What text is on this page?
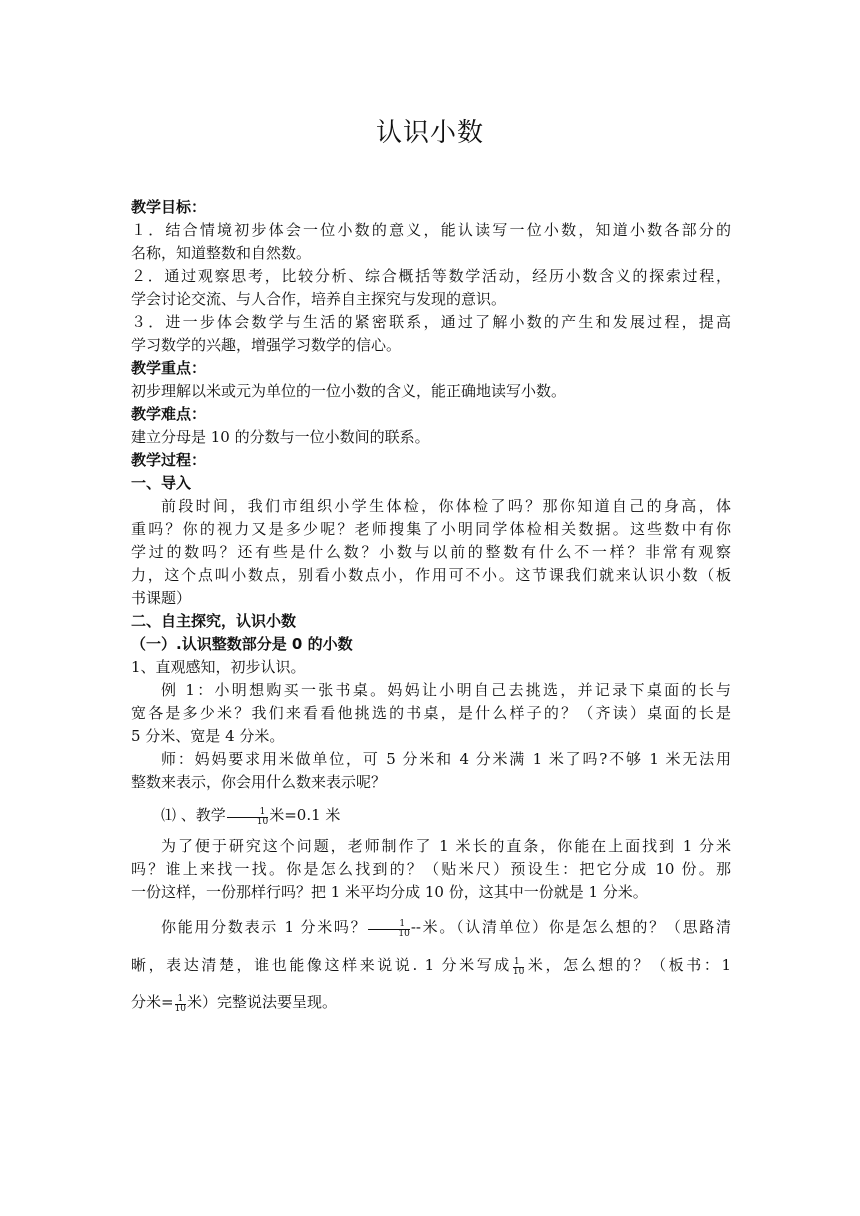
认识小数

教学目标：

１．结合情境初步体会一位小数的意义，能认读写一位小数，知道小数各部分的

名称，知道整数和自然数。

２．通过观察思考，比较分析、综合概括等数学活动，经历小数含义的探索过程，

学会讨论交流、与人合作，培养自主探究与发现的意识。

３．进一步体会数学与生活的紧密联系，通过了解小数的产生和发展过程，提高

学习数学的兴趣，增强学习数学的信心。

教学重点：

初步理解以米或元为单位的一位小数的含义，能正确地读写小数。

教学难点：

建立分母是 10 的分数与一位小数间的联系。

教学过程：

一、导入

前段时间，我们市组织小学生体检，你体检了吗？那你知道自己的身高，体

重吗？你的视力又是多少呢？老师搜集了小明同学体检相关数据。这些数中有你

学过的数吗？还有些是什么数？小数与以前的整数有什么不一样？非常有观察

力，这个点叫小数点，别看小数点小，作用可不小。这节课我们就来认识小数（板

书课题）

二、自主探究，认识小数

（一）.认识整数部分是 0 的小数

1、直观感知，初步认识。

例 1：小明想购买一张书桌。妈妈让小明自己去挑选，并记录下桌面的长与

宽各是多少米？我们来看看他挑选的书桌，是什么样子的？（齐读）桌面的长是

5 分米、宽是 4 分米。

师：妈妈要求用米做单位，可 5 分米和 4 分米满 1 米了吗?不够 1 米无法用

整数来表示，你会用什么数来表示呢？

⑴ 、教学 $\frac{1}{10}$ 米=0.1 米

为了便于研究这个问题，老师制作了 1 米长的直条，你能在上面找到 1 分米

吗？谁上来找一找。你是怎么找到的？（贴米尺）预设生：把它分成 10 份。那

一份这样，一份那样行吗？把 1 米平均分成 10 份，这其中一份就是 1 分米。

你能用分数表示 1 分米吗？ $\frac{1}{10}$ --米。（认清单位）你是怎么想的？（思路清

晰，表达清楚，谁也能像这样来说说. 1 分米写成 $\frac{1}{10}$ 米，怎么想的？（板书：1

分米= $\frac{1}{10}$ 米）完整说法要呈现。
